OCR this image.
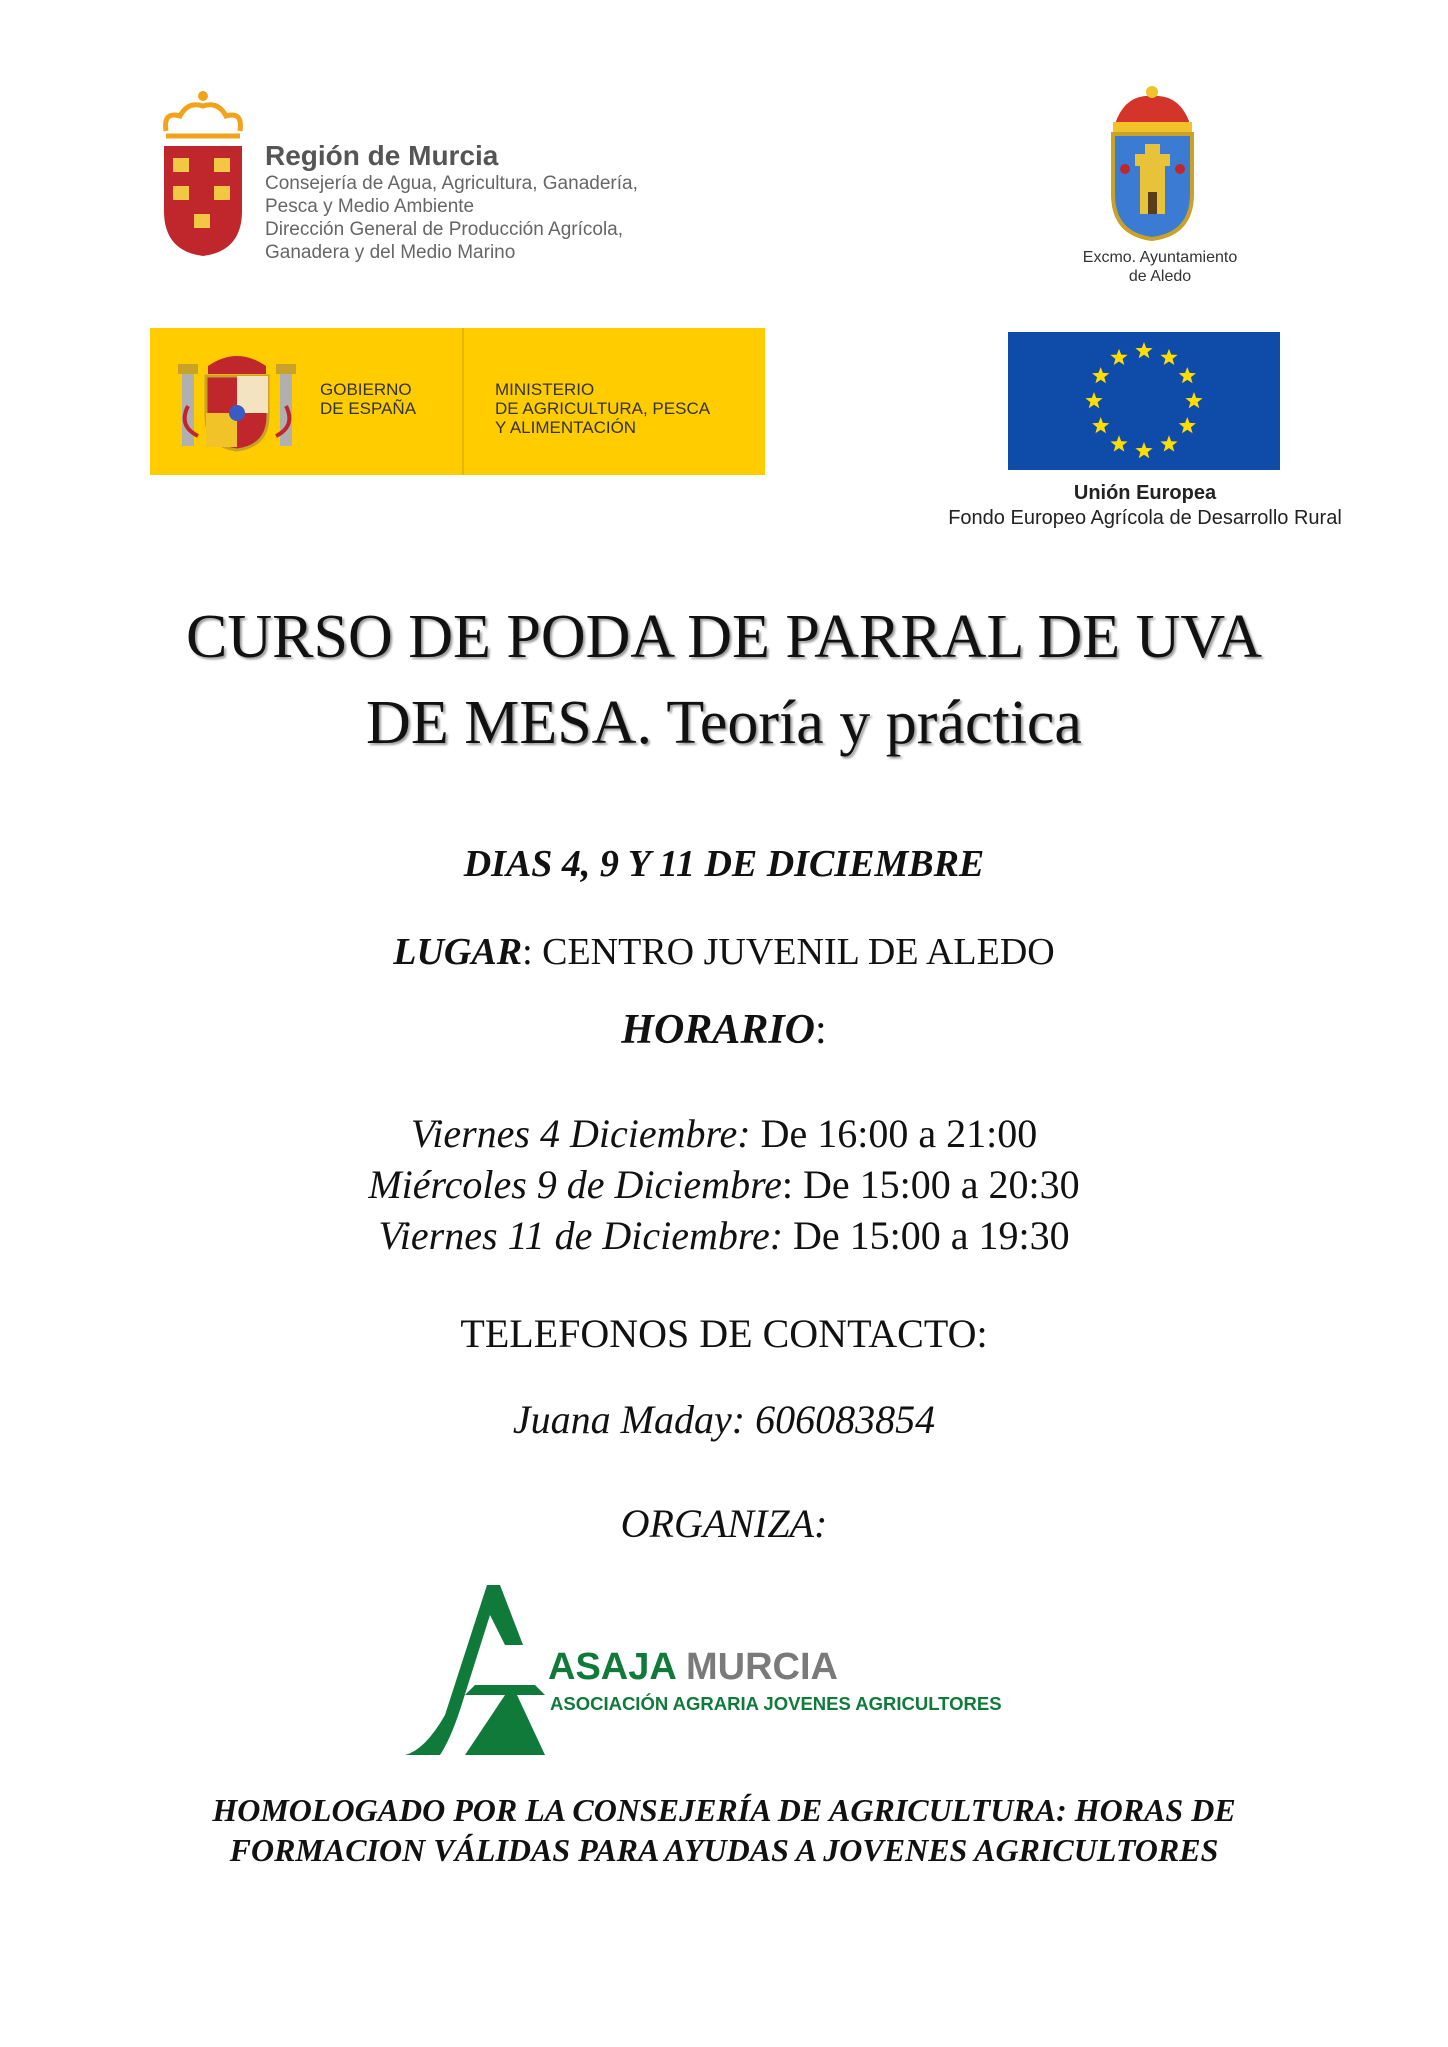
Región de Murcia
Consejería de Agua, Agricultura, Ganadería,
Pesca y Medio Ambiente
Dirección General de Producción Agrícola,
Ganadera y del Medio Marino	Excmo. Ayuntamiento
de Aledo
GOBIERNO
DE ESPAÑA
MINISTERIO
DE AGRICULTURA, PESCA
Y ALIMENTACIÓN
Unión Europea
Fondo Europeo Agrícola de Desarrollo Rural
CURSO DE PODA DE PARRAL DE UVA
DE MESA. Teoría y práctica
DIAS 4, 9 Y 11 DE DICIEMBRE
LUGAR: CENTRO JUVENIL DE ALEDO
HORARIO:
Viernes 4 Diciembre: De 16:00 a 21:00
Miércoles 9 de Diciembre: De 15:00 a 20:30
Viernes 11 de Diciembre: De 15:00 a 19:30
TELEFONOS DE CONTACTO:
Juana Maday: 606083854
ORGANIZA:
ASAJA MURCIA
ASOCIACIÓN AGRARIA JOVENES AGRICULTORES
HOMOLOGADO POR LA CONSEJERÍA DE AGRICULTURA: HORAS DE
FORMACION VÁLIDAS PARA AYUDAS A JOVENES AGRICULTORES
